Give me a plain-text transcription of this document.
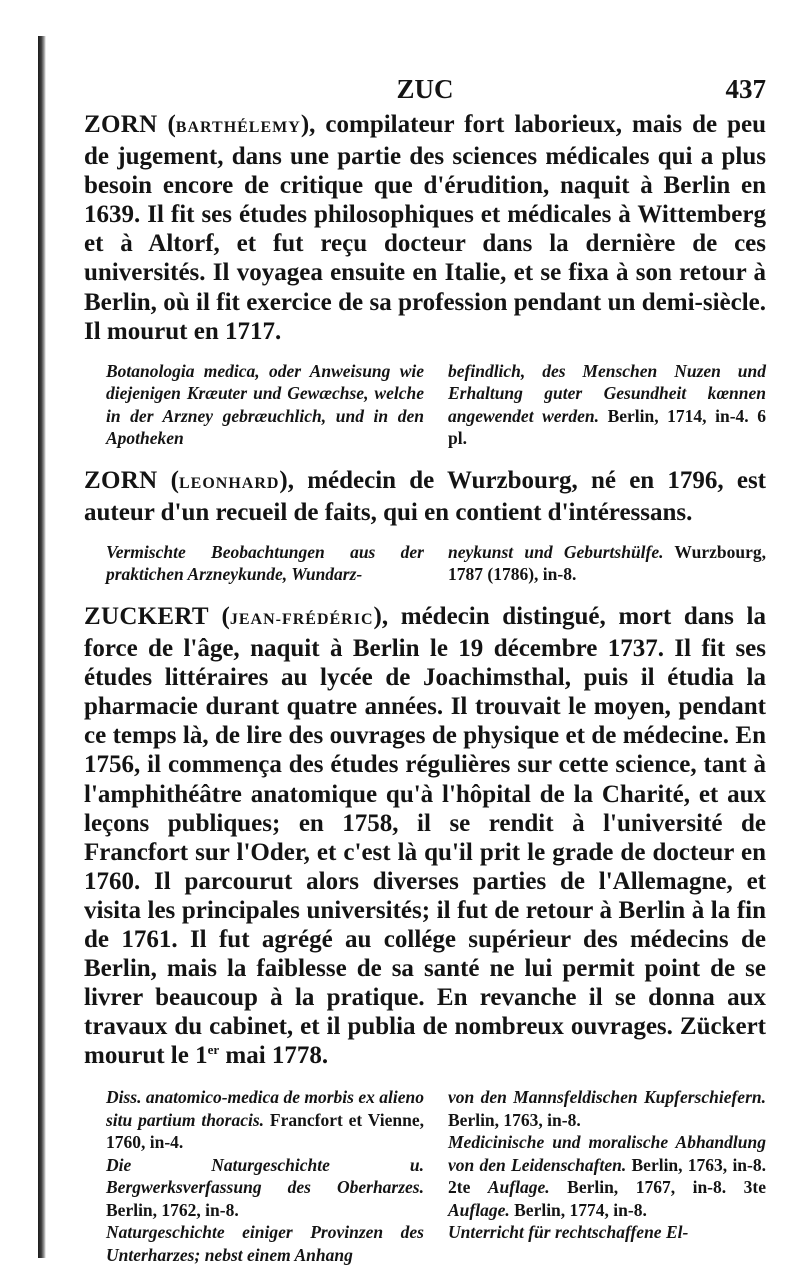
ZUC	437

ZORN (BARTHÉLEMY), compilateur fort laborieux, mais de peu de jugement, dans une partie des sciences médicales qui a plus besoin encore de critique que d'érudition, naquit à Berlin en 1639. Il fit ses études philosophiques et médicales à Wittemberg et à Altorf, et fut reçu docteur dans la dernière de ces universités. Il voyagea ensuite en Italie, et se fixa à son retour à Berlin, où il fit exercice de sa profession pendant un demi-siècle. Il mourut en 1717.

Botanologia medica, oder Anweisung wie diejenigen Kræuter und Gewæchse, welche in der Arzney gebræuchlich, und in den Apotheken

befindlich, des Menschen Nuzen und Erhaltung guter Gesundheit kœnnen angewendet werden. Berlin, 1714, in-4. 6 pl.

ZORN (LEONHARD), médecin de Wurzbourg, né en 1796, est auteur d'un recueil de faits, qui en contient d'intéressans.

Vermischte Beobachtungen aus der praktichen Arzneykunde, Wundarz-

neykunst und Geburtshülfe. Wurzbourg, 1787 (1786), in-8.

ZUCKERT (JEAN-FRÉDÉRIC), médecin distingué, mort dans la force de l'âge, naquit à Berlin le 19 décembre 1737. Il fit ses études littéraires au lycée de Joachimsthal, puis il étudia la pharmacie durant quatre années. Il trouvait le moyen, pendant ce temps là, de lire des ouvrages de physique et de médecine. En 1756, il commença des études régulières sur cette science, tant à l'amphithéâtre anatomique qu'à l'hôpital de la Charité, et aux leçons publiques; en 1758, il se rendit à l'université de Francfort sur l'Oder, et c'est là qu'il prit le grade de docteur en 1760. Il parcourut alors diverses parties de l'Allemagne, et visita les principales universités; il fut de retour à Berlin à la fin de 1761. Il fut agrégé au collége supérieur des médecins de Berlin, mais la faiblesse de sa santé ne lui permit point de se livrer beaucoup à la pratique. En revanche il se donna aux travaux du cabinet, et il publia de nombreux ouvrages. Zückert mourut le 1er mai 1778.

Diss. anatomico-medica de morbis ex alieno situ partium thoracis. Francfort et Vienne, 1760, in-4.

Die Naturgeschichte u. Bergwerksverfassung des Oberharzes. Berlin, 1762, in-8.

Naturgeschichte einiger Provinzen des Unterharzes; nebst einem Anhang

von den Mannsfeldischen Kupferschiefern. Berlin, 1763, in-8.

Medicinische und moralische Abhandlung von den Leidenschaften. Berlin, 1763, in-8. 2te Auflage. Berlin, 1767, in-8. 3te Auflage. Berlin, 1774, in-8.

Unterricht für rechtschaffene El-
